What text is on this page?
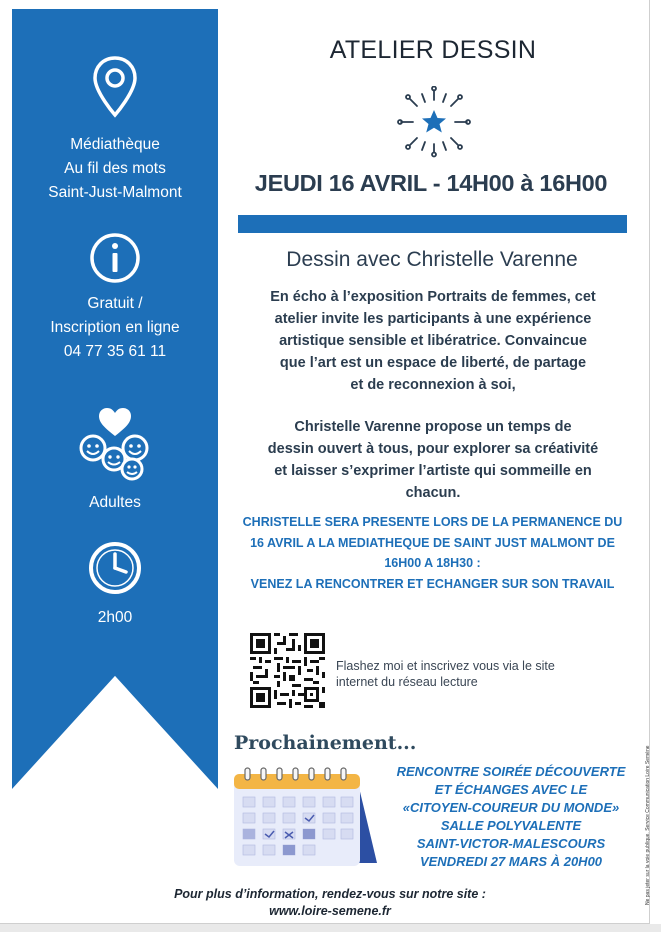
Médiathèque
Au fil des mots
Saint-Just-Malmont
Gratuit /
Inscription en ligne
04 77 35 61 11
Adultes
2h00
ATELIER DESSIN
JEUDI 16 AVRIL - 14H00 à 16H00
Dessin avec Christelle Varenne
En écho à l’exposition Portraits de femmes, cet
atelier invite les participants à une expérience
artistique sensible et libératrice. Convaincue
que l’art est un espace de liberté, de partage
et de reconnexion à soi,
Christelle Varenne propose un temps de
dessin ouvert à tous, pour explorer sa créativité
et laisser s’exprimer l’artiste qui sommeille en
chacun.
CHRISTELLE SERA PRESENTE LORS DE LA PERMANENCE DU
16 AVRIL A LA MEDIATHEQUE DE SAINT JUST MALMONT DE
16H00 A 18H30 :
VENEZ LA RENCONTRER ET ECHANGER SUR SON TRAVAIL
Flashez moi et inscrivez vous via le site
internet du réseau lecture
Prochainement...
RENCONTRE SOIRÉE DÉCOUVERTE
ET ÉCHANGES AVEC LE
«CITOYEN-COUREUR DU MONDE»
SALLE POLYVALENTE
SAINT-VICTOR-MALESCOURS
VENDREDI 27 MARS À 20H00
Pour plus d’information, rendez-vous sur notre site :
www.loire-semene.fr
Ne pas jeter sur la voie publique. Service Communication Loire Semène
